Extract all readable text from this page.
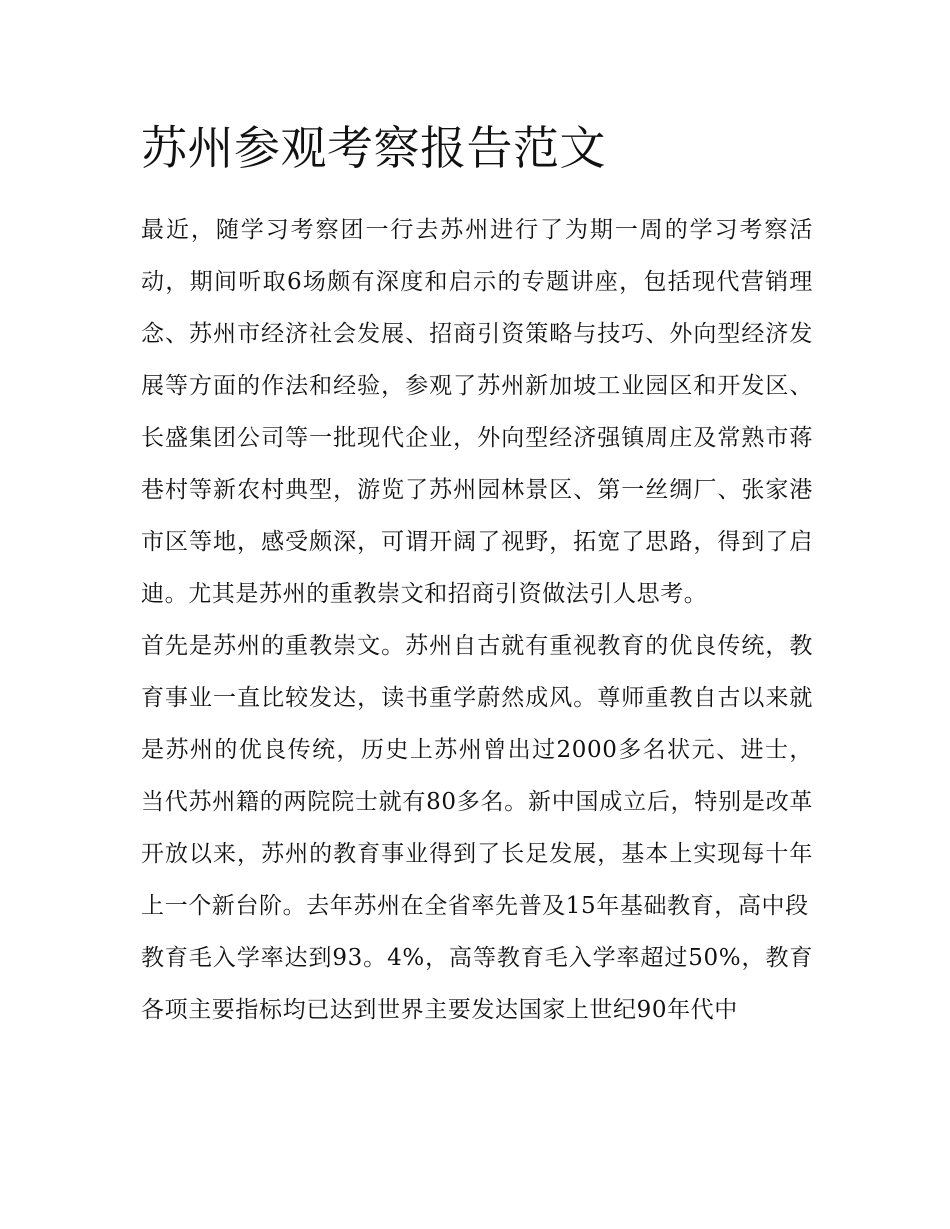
苏州参观考察报告范文

最近，随学习考察团一行去苏州进行了为期一周的学习考察活动，期间听取6场颇有深度和启示的专题讲座，包括现代营销理念、苏州市经济社会发展、招商引资策略与技巧、外向型经济发展等方面的作法和经验，参观了苏州新加坡工业园区和开发区、长盛集团公司等一批现代企业，外向型经济强镇周庄及常熟市蒋巷村等新农村典型，游览了苏州园林景区、第一丝绸厂、张家港市区等地，感受颇深，可谓开阔了视野，拓宽了思路，得到了启迪。尤其是苏州的重教崇文和招商引资做法引人思考。

首先是苏州的重教崇文。苏州自古就有重视教育的优良传统，教育事业一直比较发达，读书重学蔚然成风。尊师重教自古以来就是苏州的优良传统，历史上苏州曾出过2000多名状元、进士，当代苏州籍的两院院士就有80多名。新中国成立后，特别是改革开放以来，苏州的教育事业得到了长足发展，基本上实现每十年上一个新台阶。去年苏州在全省率先普及15年基础教育，高中段

教育毛入学率达到93。4%，高等教育毛入学率超过50%，教育各项主要指标均已达到世界主要发达国家上世纪90年代中
